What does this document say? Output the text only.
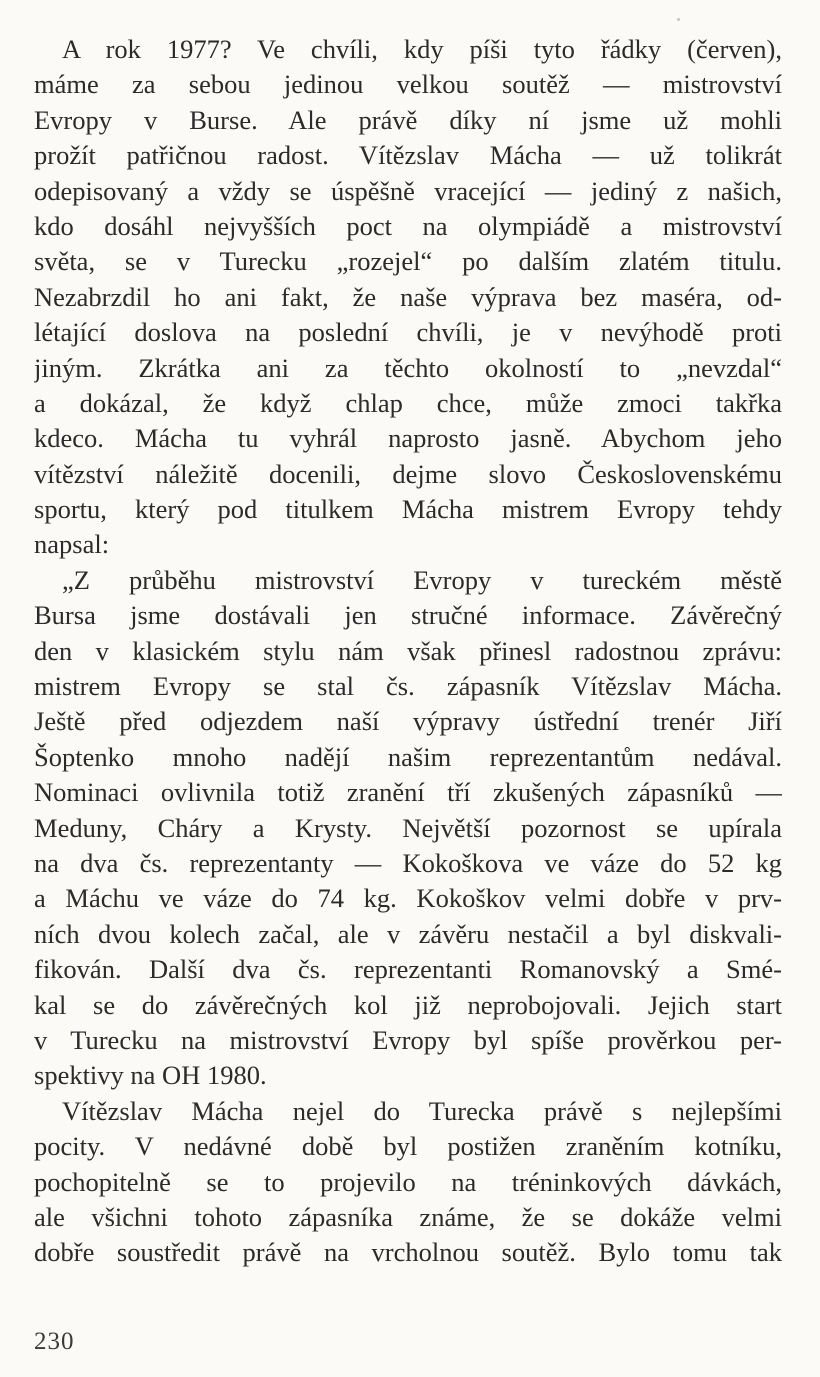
A rok 1977? Ve chvíli, kdy píši tyto řádky (červen),
máme za sebou jedinou velkou soutěž — mistrovství
Evropy v Burse. Ale právě díky ní jsme už mohli
prožít patřičnou radost. Vítězslav Mácha — už tolikrát
odepisovaný a vždy se úspěšně vracející — jediný z našich,
kdo dosáhl nejvyšších poct na olympiádě a mistrovství
světa, se v Turecku „rozejel“ po dalším zlatém titulu.
Nezabrzdil ho ani fakt, že naše výprava bez maséra, od-
létající doslova na poslední chvíli, je v nevýhodě proti
jiným. Zkrátka ani za těchto okolností to „nevzdal“
a dokázal, že když chlap chce, může zmoci takřka
kdeco. Mácha tu vyhrál naprosto jasně. Abychom jeho
vítězství náležitě docenili, dejme slovo Československému
sportu, který pod titulkem Mácha mistrem Evropy tehdy
napsal:
„Z průběhu mistrovství Evropy v tureckém městě
Bursa jsme dostávali jen stručné informace. Závěrečný
den v klasickém stylu nám však přinesl radostnou zprávu:
mistrem Evropy se stal čs. zápasník Vítězslav Mácha.
Ještě před odjezdem naší výpravy ústřední trenér Jiří
Šoptenko mnoho nadějí našim reprezentantům nedával.
Nominaci ovlivnila totiž zranění tří zkušených zápasníků —
Meduny, Cháry a Krysty. Největší pozornost se upírala
na dva čs. reprezentanty — Kokoškova ve váze do 52 kg
a Máchu ve váze do 74 kg. Kokoškov velmi dobře v prv-
ních dvou kolech začal, ale v závěru nestačil a byl diskvali-
fikován. Další dva čs. reprezentanti Romanovský a Smé-
kal se do závěrečných kol již neprobojovali. Jejich start
v Turecku na mistrovství Evropy byl spíše prověrkou per-
spektivy na OH 1980.
Vítězslav Mácha nejel do Turecka právě s nejlepšími
pocity. V nedávné době byl postižen zraněním kotníku,
pochopitelně se to projevilo na tréninkových dávkách,
ale všichni tohoto zápasníka známe, že se dokáže velmi
dobře soustředit právě na vrcholnou soutěž. Bylo tomu tak
230
